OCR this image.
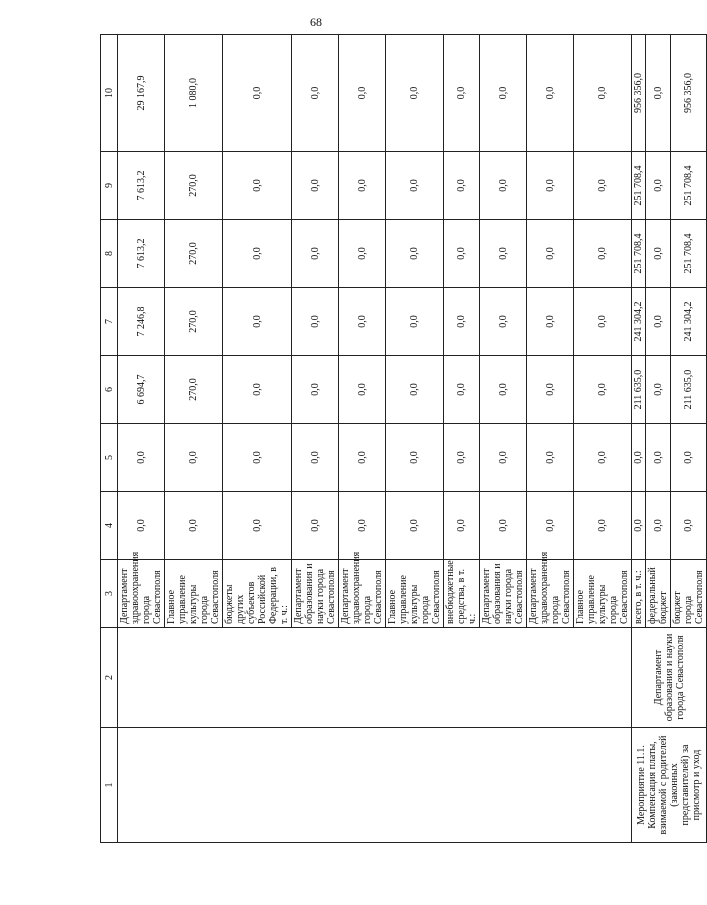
68
1	2	3	4	5	6	7	8	9	10
		Департамент здравоохранения города Севастополя	0,0	0,0	6 694,7	7 246,8	7 613,2	7 613,2	29 167,9
		Главное управление культуры города Севастополя	0,0	0,0	270,0	270,0	270,0	270,0	1 080,0
		бюджеты других субъектов Российской Федерации, в т. ч.:	0,0	0,0	0,0	0,0	0,0	0,0	0,0
		Департамент образования и науки города Севастополя	0,0	0,0	0,0	0,0	0,0	0,0	0,0
		Департамент здравоохранения города Севастополя	0,0	0,0	0,0	0,0	0,0	0,0	0,0
		Главное управление культуры города Севастополя	0,0	0,0	0,0	0,0	0,0	0,0	0,0
		внебюджетные средства, в т. ч.:	0,0	0,0	0,0	0,0	0,0	0,0	0,0
		Департамент образования и науки города Севастополя	0,0	0,0	0,0	0,0	0,0	0,0	0,0
		Департамент здравоохранения города Севастополя	0,0	0,0	0,0	0,0	0,0	0,0	0,0
		Главное управление культуры города Севастополя	0,0	0,0	0,0	0,0	0,0	0,0	0,0
Мероприятие 11.1. Компенсация платы, взимаемой с родителей (законных представителей) за присмотр и уход	Департамент образования и науки города Севастополя	всего, в т. ч.:	0,0	0,0	211 635,0	241 304,2	251 708,4	251 708,4	956 356,0
		федеральный бюджет	0,0	0,0	0,0	0,0	0,0	0,0	0,0
		бюджет города Севастополя	0,0	0,0	211 635,0	241 304,2	251 708,4	251 708,4	956 356,0
